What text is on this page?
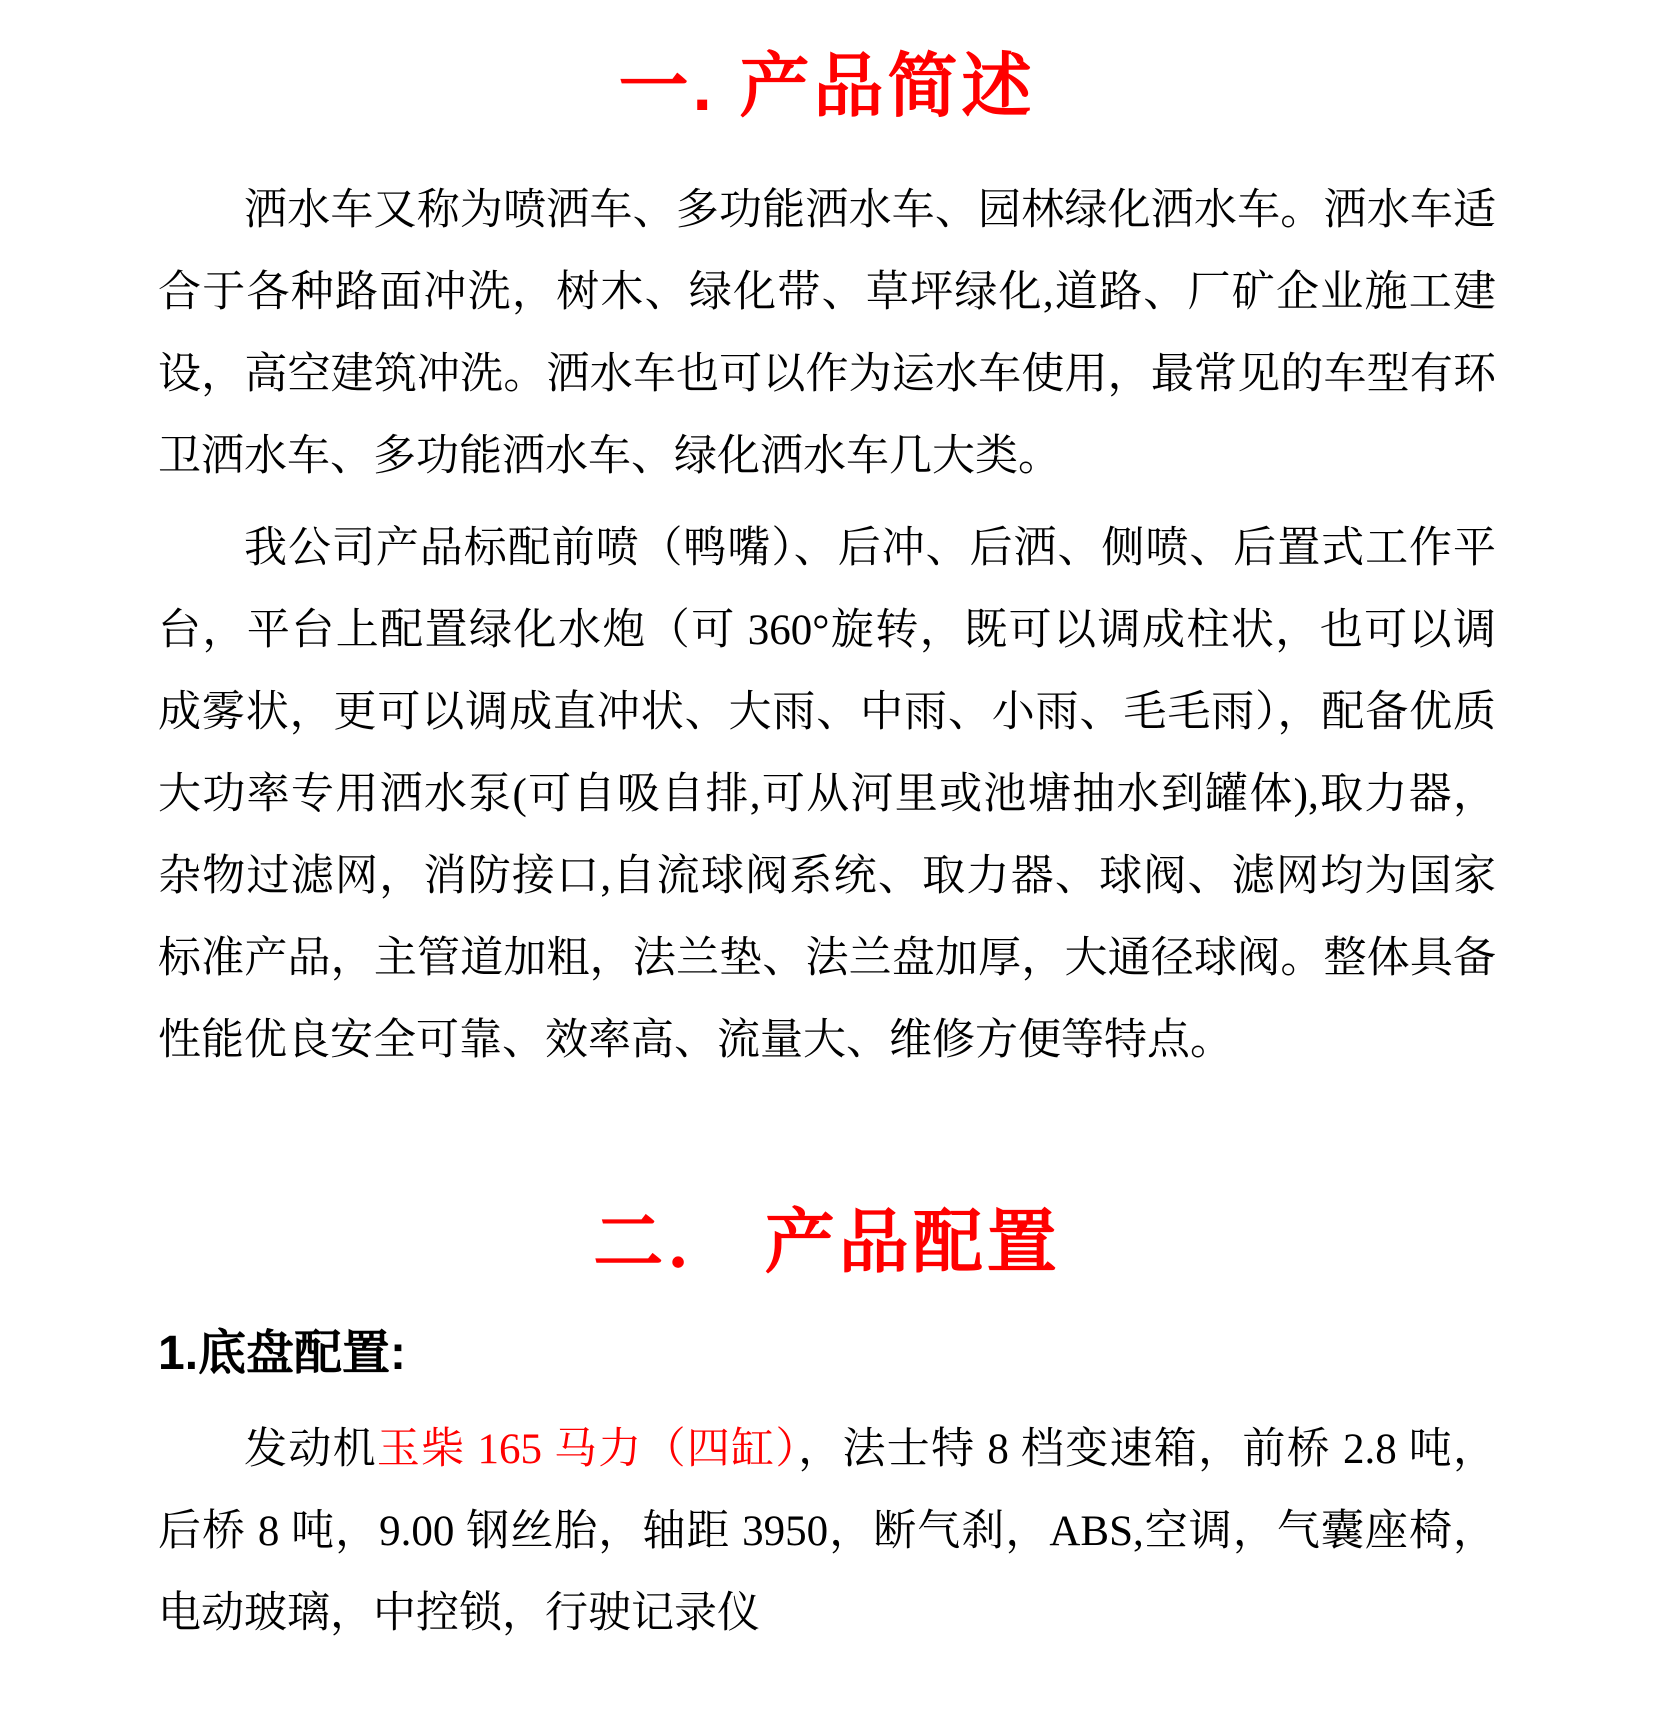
一. 产品简述

洒水车又称为喷洒车、多功能洒水车、园林绿化洒水车。洒水车适合于各种路面冲洗，树木、绿化带、草坪绿化,道路、厂矿企业施工建设，高空建筑冲洗。洒水车也可以作为运水车使用，最常见的车型有环卫洒水车、多功能洒水车、绿化洒水车几大类。

我公司产品标配前喷（鸭嘴）、后冲、后洒、侧喷、后置式工作平台，平台上配置绿化水炮（可 360°旋转，既可以调成柱状，也可以调成雾状，更可以调成直冲状、大雨、中雨、小雨、毛毛雨），配备优质大功率专用洒水泵(可自吸自排,可从河里或池塘抽水到罐体),取力器，杂物过滤网，消防接口,自流球阀系统、取力器、球阀、滤网均为国家标准产品，主管道加粗，法兰垫、法兰盘加厚，大通径球阀。整体具备性能优良安全可靠、效率高、流量大、维修方便等特点。

二． 产品配置
1.底盘配置:

发动机玉柴 165 马力（四缸），法士特 8 档变速箱，前桥 2.8 吨，后桥 8 吨，9.00 钢丝胎，轴距 3950，断气刹，ABS,空调，气囊座椅，电动玻璃，中控锁，行驶记录仪
